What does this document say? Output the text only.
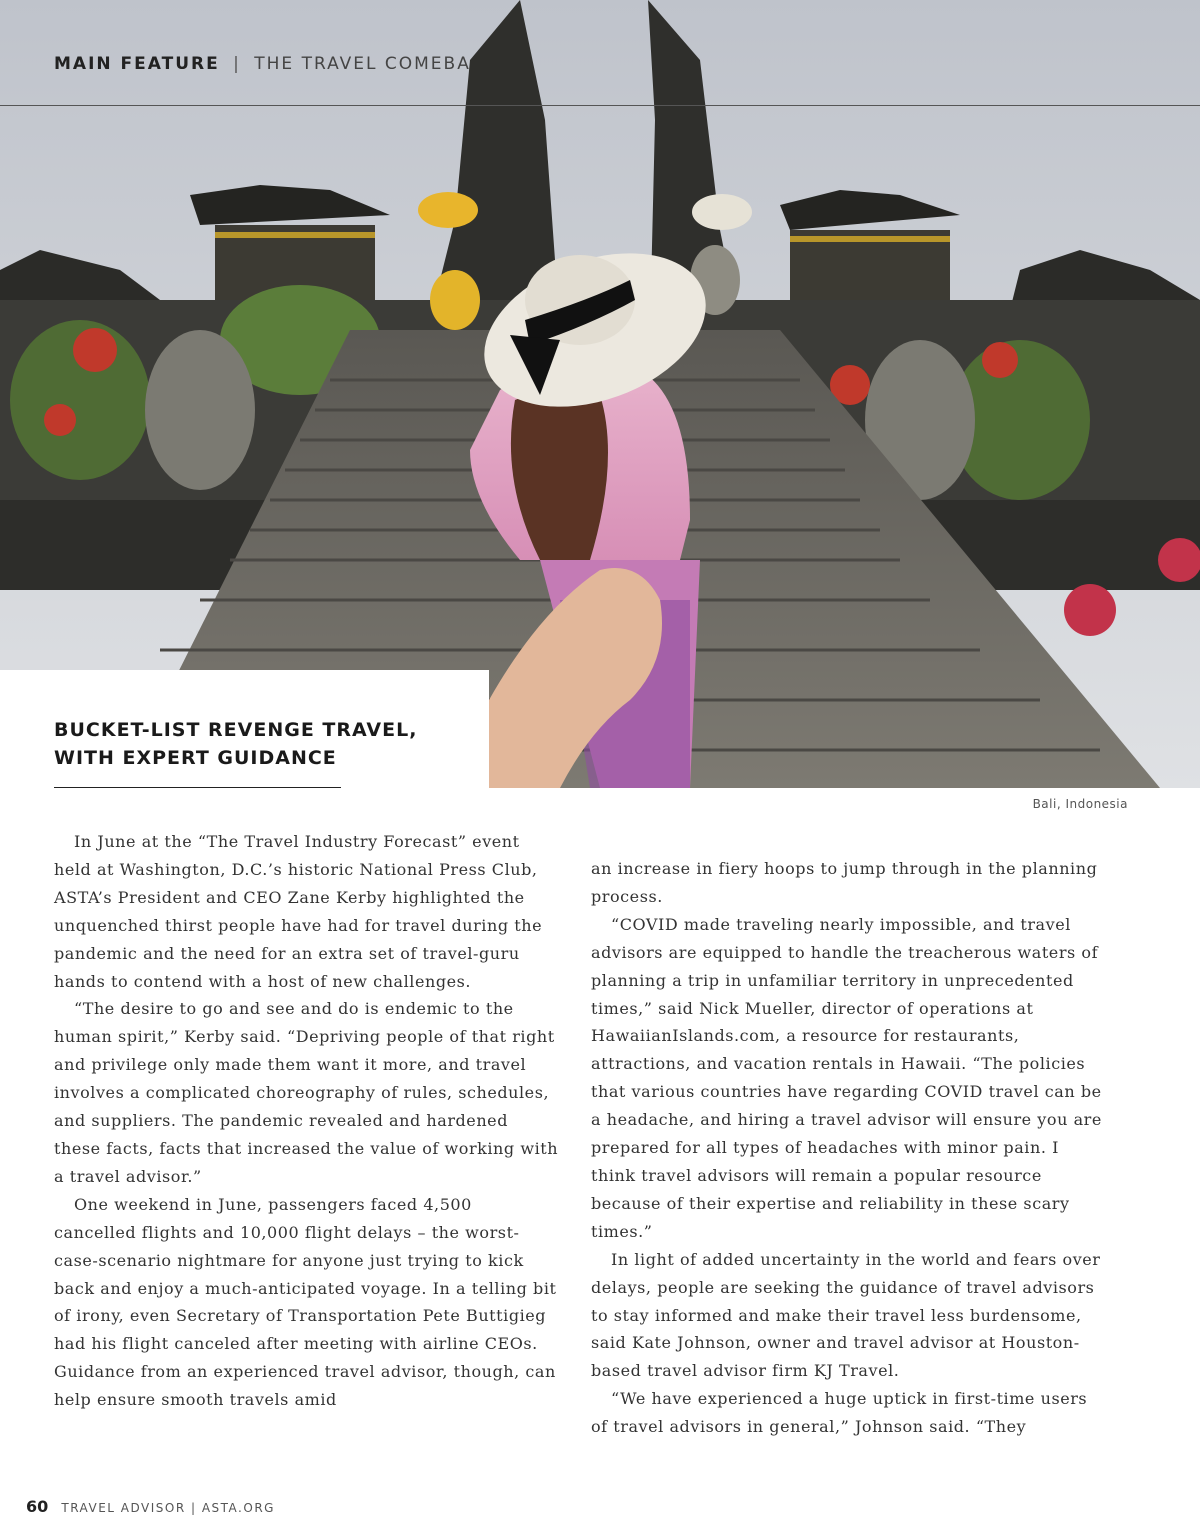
MAIN FEATURE | THE TRAVEL COMEBA
BUCKET-LIST REVENGE TRAVEL,
WITH EXPERT GUIDANCE
Bali, Indonesia

In June at the “The Travel Industry Forecast” event held at Washington, D.C.’s historic National Press Club, ASTA’s President and CEO Zane Kerby highlighted the unquenched thirst people have had for travel during the pandemic and the need for an extra set of travel-guru hands to contend with a host of new challenges.

“The desire to go and see and do is endemic to the human spirit,” Kerby said. “Depriving people of that right and privilege only made them want it more, and travel involves a complicated choreography of rules, schedules, and suppliers. The pandemic revealed and hardened these facts, facts that increased the value of working with a travel advisor.”

One weekend in June, passengers faced 4,500 cancelled flights and 10,000 flight delays – the worst-case-scenario nightmare for anyone just trying to kick back and enjoy a much-anticipated voyage. In a telling bit of irony, even Secretary of Transportation Pete Buttigieg had his flight canceled after meeting with airline CEOs. Guidance from an experienced travel advisor, though, can help ensure smooth travels amid

an increase in fiery hoops to jump through in the planning process.

“COVID made traveling nearly impossible, and travel advisors are equipped to handle the treacherous waters of planning a trip in unfamiliar territory in unprecedented times,” said Nick Mueller, director of operations at HawaiianIslands.com, a resource for restaurants, attractions, and vacation rentals in Hawaii. “The policies that various countries have regarding COVID travel can be a headache, and hiring a travel advisor will ensure you are prepared for all types of headaches with minor pain. I think travel advisors will remain a popular resource because of their expertise and reliability in these scary times.”

In light of added uncertainty in the world and fears over delays, people are seeking the guidance of travel advisors to stay informed and make their travel less burdensome, said Kate Johnson, owner and travel advisor at Houston-based travel advisor firm KJ Travel.

“We have experienced a huge uptick in first-time users of travel advisors in general,” Johnson said. “They

60 TRAVEL ADVISOR | ASTA.ORG
